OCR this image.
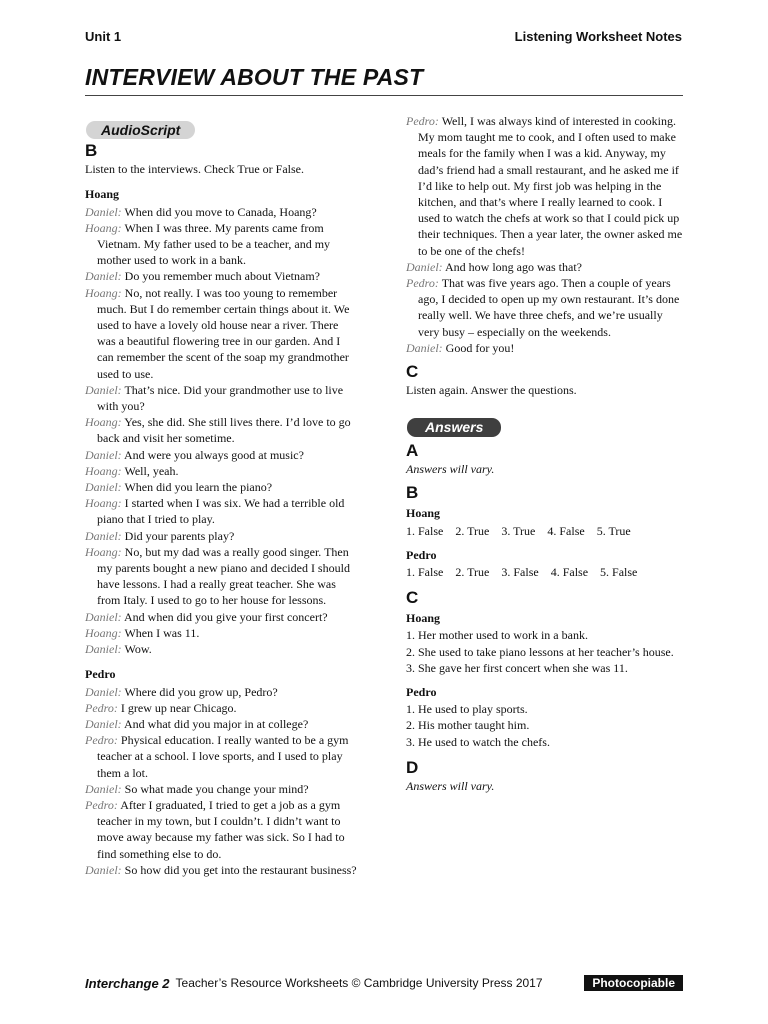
Unit 1	Listening Worksheet Notes
INTERVIEW ABOUT THE PAST
AudioScript
B
Listen to the interviews. Check True or False.
Hoang
Daniel: When did you move to Canada, Hoang?
Hoang: When I was three. My parents came from Vietnam. My father used to be a teacher, and my mother used to work in a bank.
Daniel: Do you remember much about Vietnam?
Hoang: No, not really. I was too young to remember much. But I do remember certain things about it. We used to have a lovely old house near a river. There was a beautiful flowering tree in our garden. And I can remember the scent of the soap my grandmother used to use.
Daniel: That’s nice. Did your grandmother use to live with you?
Hoang: Yes, she did. She still lives there. I’d love to go back and visit her sometime.
Daniel: And were you always good at music?
Hoang: Well, yeah.
Daniel: When did you learn the piano?
Hoang: I started when I was six. We had a terrible old piano that I tried to play.
Daniel: Did your parents play?
Hoang: No, but my dad was a really good singer. Then my parents bought a new piano and decided I should have lessons. I had a really great teacher. She was from Italy. I used to go to her house for lessons.
Daniel: And when did you give your first concert?
Hoang: When I was 11.
Daniel: Wow.
Pedro
Daniel: Where did you grow up, Pedro?
Pedro: I grew up near Chicago.
Daniel: And what did you major in at college?
Pedro: Physical education. I really wanted to be a gym teacher at a school. I love sports, and I used to play them a lot.
Daniel: So what made you change your mind?
Pedro: After I graduated, I tried to get a job as a gym teacher in my town, but I couldn’t. I didn’t want to move away because my father was sick. So I had to find something else to do.
Daniel: So how did you get into the restaurant business?
Pedro: Well, I was always kind of interested in cooking. My mom taught me to cook, and I often used to make meals for the family when I was a kid. Anyway, my dad’s friend had a small restaurant, and he asked me if I’d like to help out. My first job was helping in the kitchen, and that’s where I really learned to cook. I used to watch the chefs at work so that I could pick up their techniques. Then a year later, the owner asked me to be one of the chefs!
Daniel: And how long ago was that?
Pedro: That was five years ago. Then a couple of years ago, I decided to open up my own restaurant. It’s done really well. We have three chefs, and we’re usually very busy – especially on the weekends.
Daniel: Good for you!
C
Listen again. Answer the questions.
Answers
A
Answers will vary.
B
Hoang
1. False 2. True 3. True 4. False 5. True
Pedro
1. False 2. True 3. False 4. False 5. False
C
Hoang
1. Her mother used to work in a bank.
2. She used to take piano lessons at her teacher’s house.
3. She gave her first concert when she was 11.
Pedro
1. He used to play sports.
2. His mother taught him.
3. He used to watch the chefs.
D
Answers will vary.
Interchange 2 Teacher’s Resource Worksheets © Cambridge University Press 2017	Photocopiable
